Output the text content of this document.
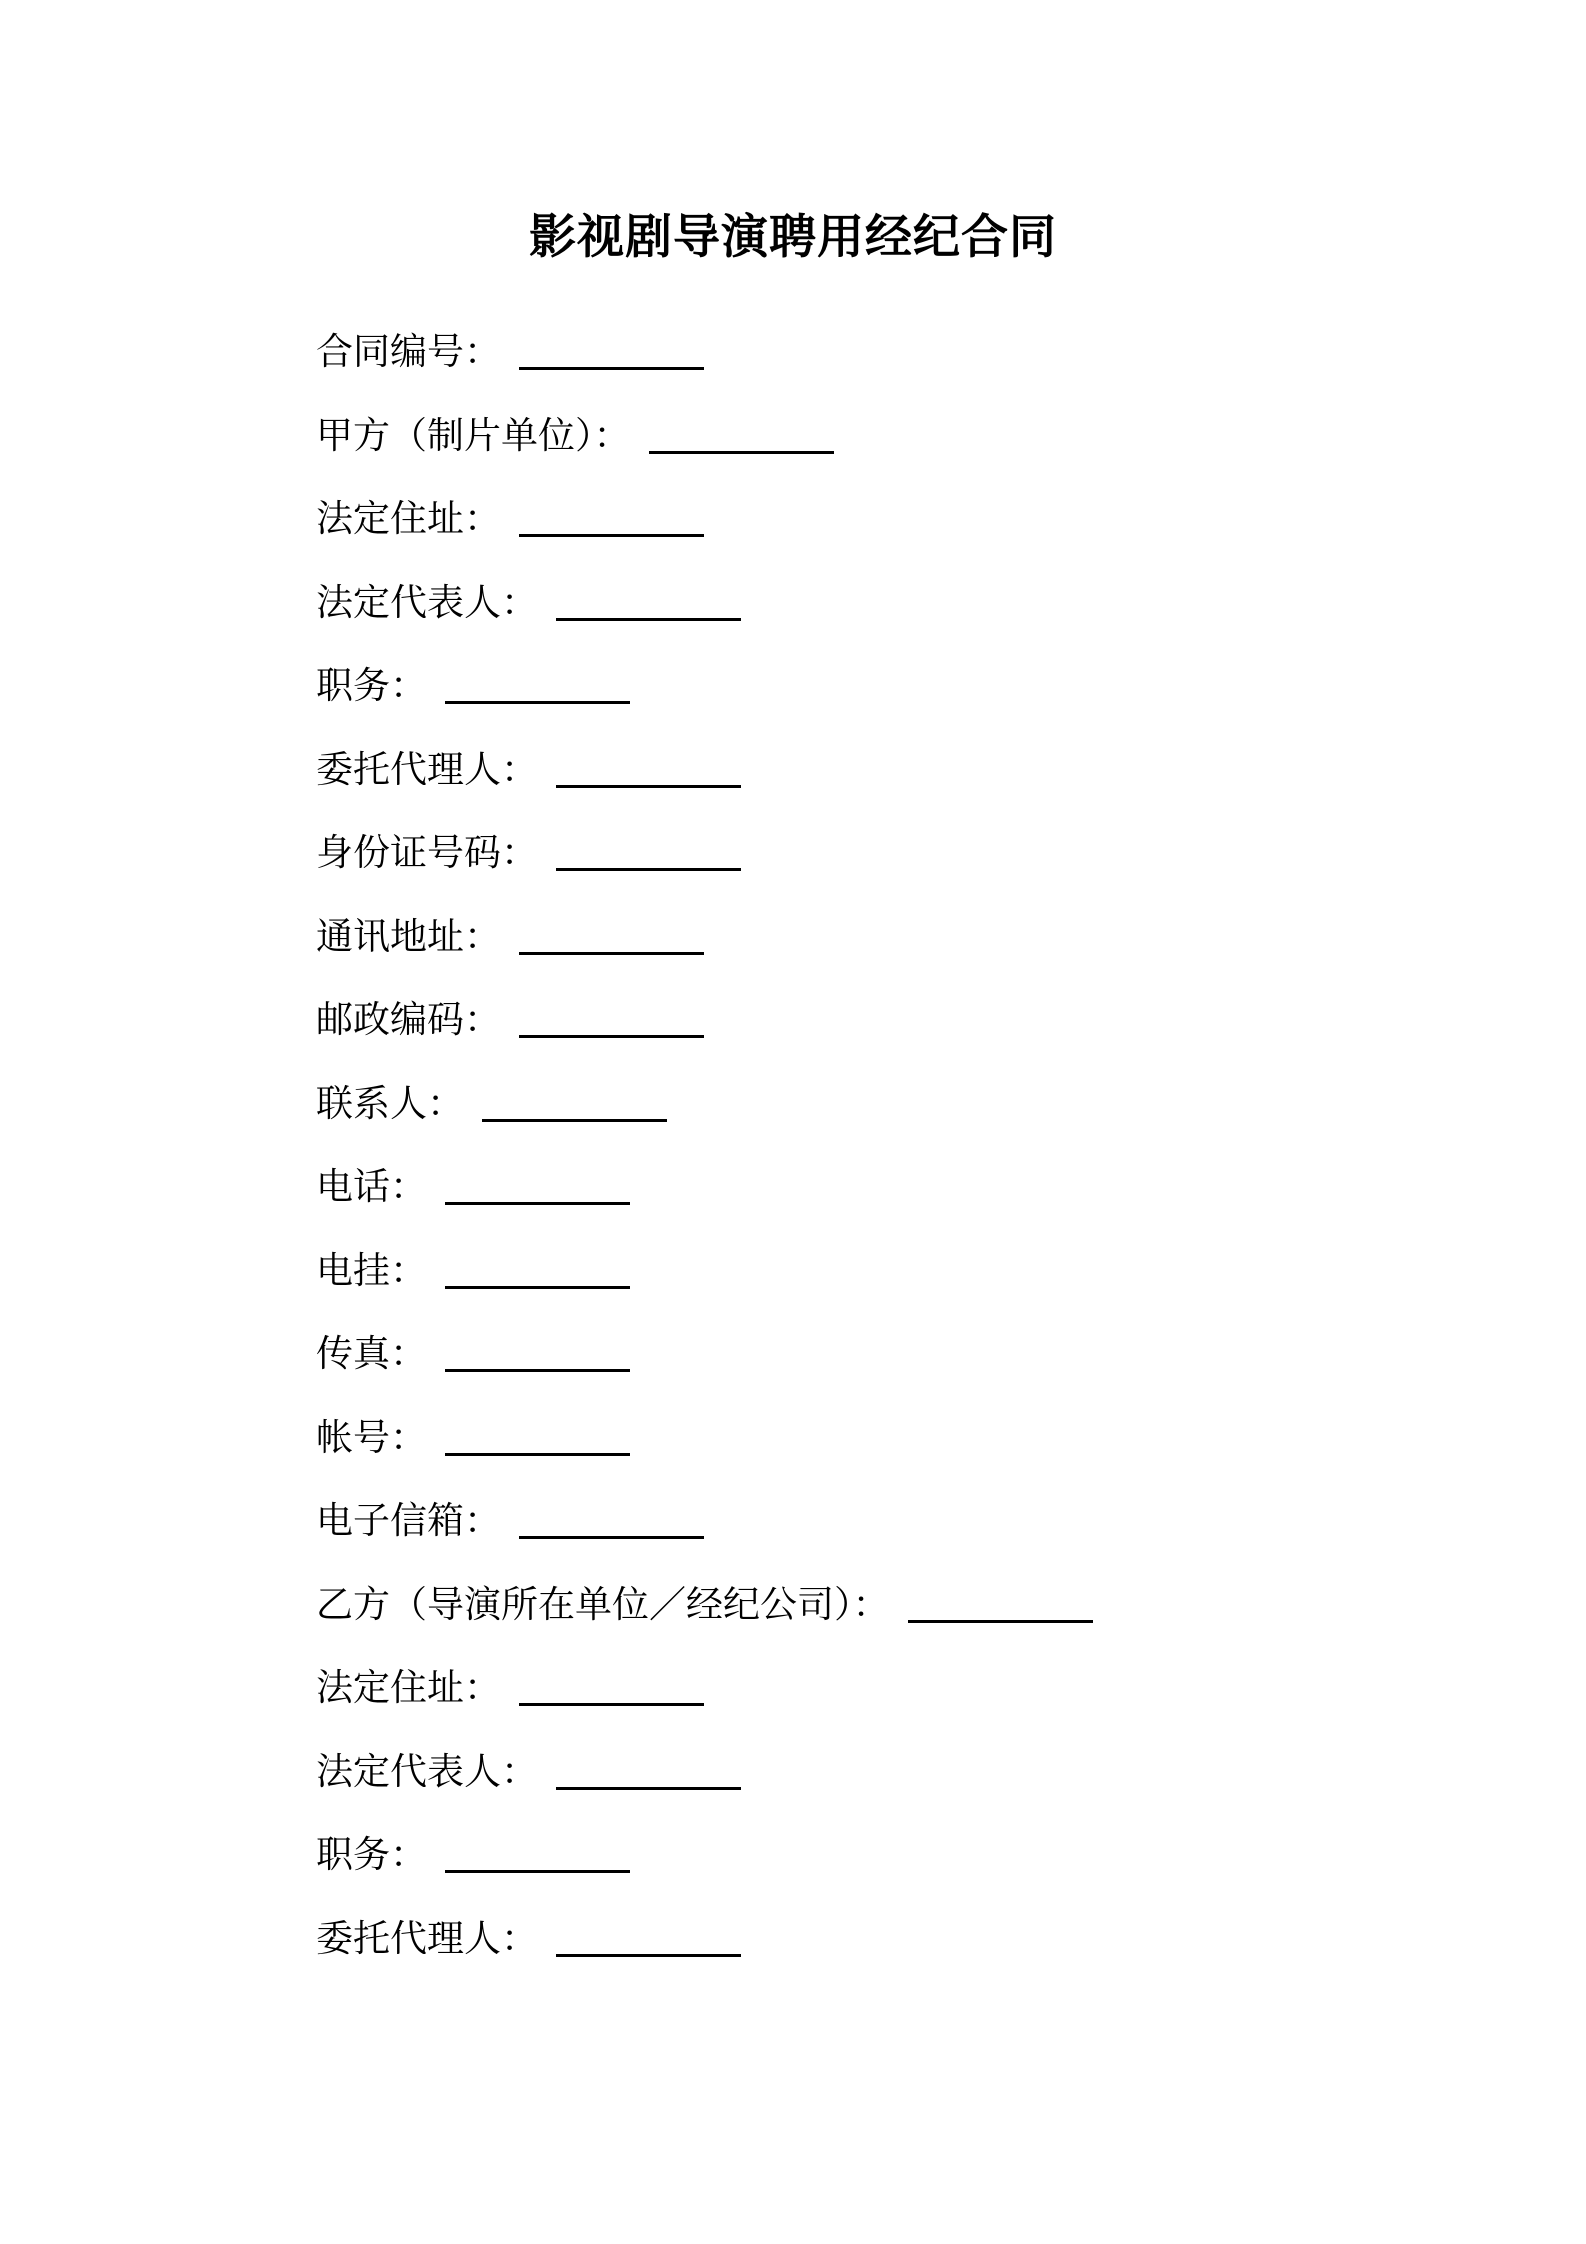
影视剧导演聘用经纪合同
合同编号：
甲方（制片单位）：
法定住址：
法定代表人：
职务：
委托代理人：
身份证号码：
通讯地址：
邮政编码：
联系人：
电话：
电挂：
传真：
帐号：
电子信箱：
乙方（导演所在单位／经纪公司）：
法定住址：
法定代表人：
职务：
委托代理人：
